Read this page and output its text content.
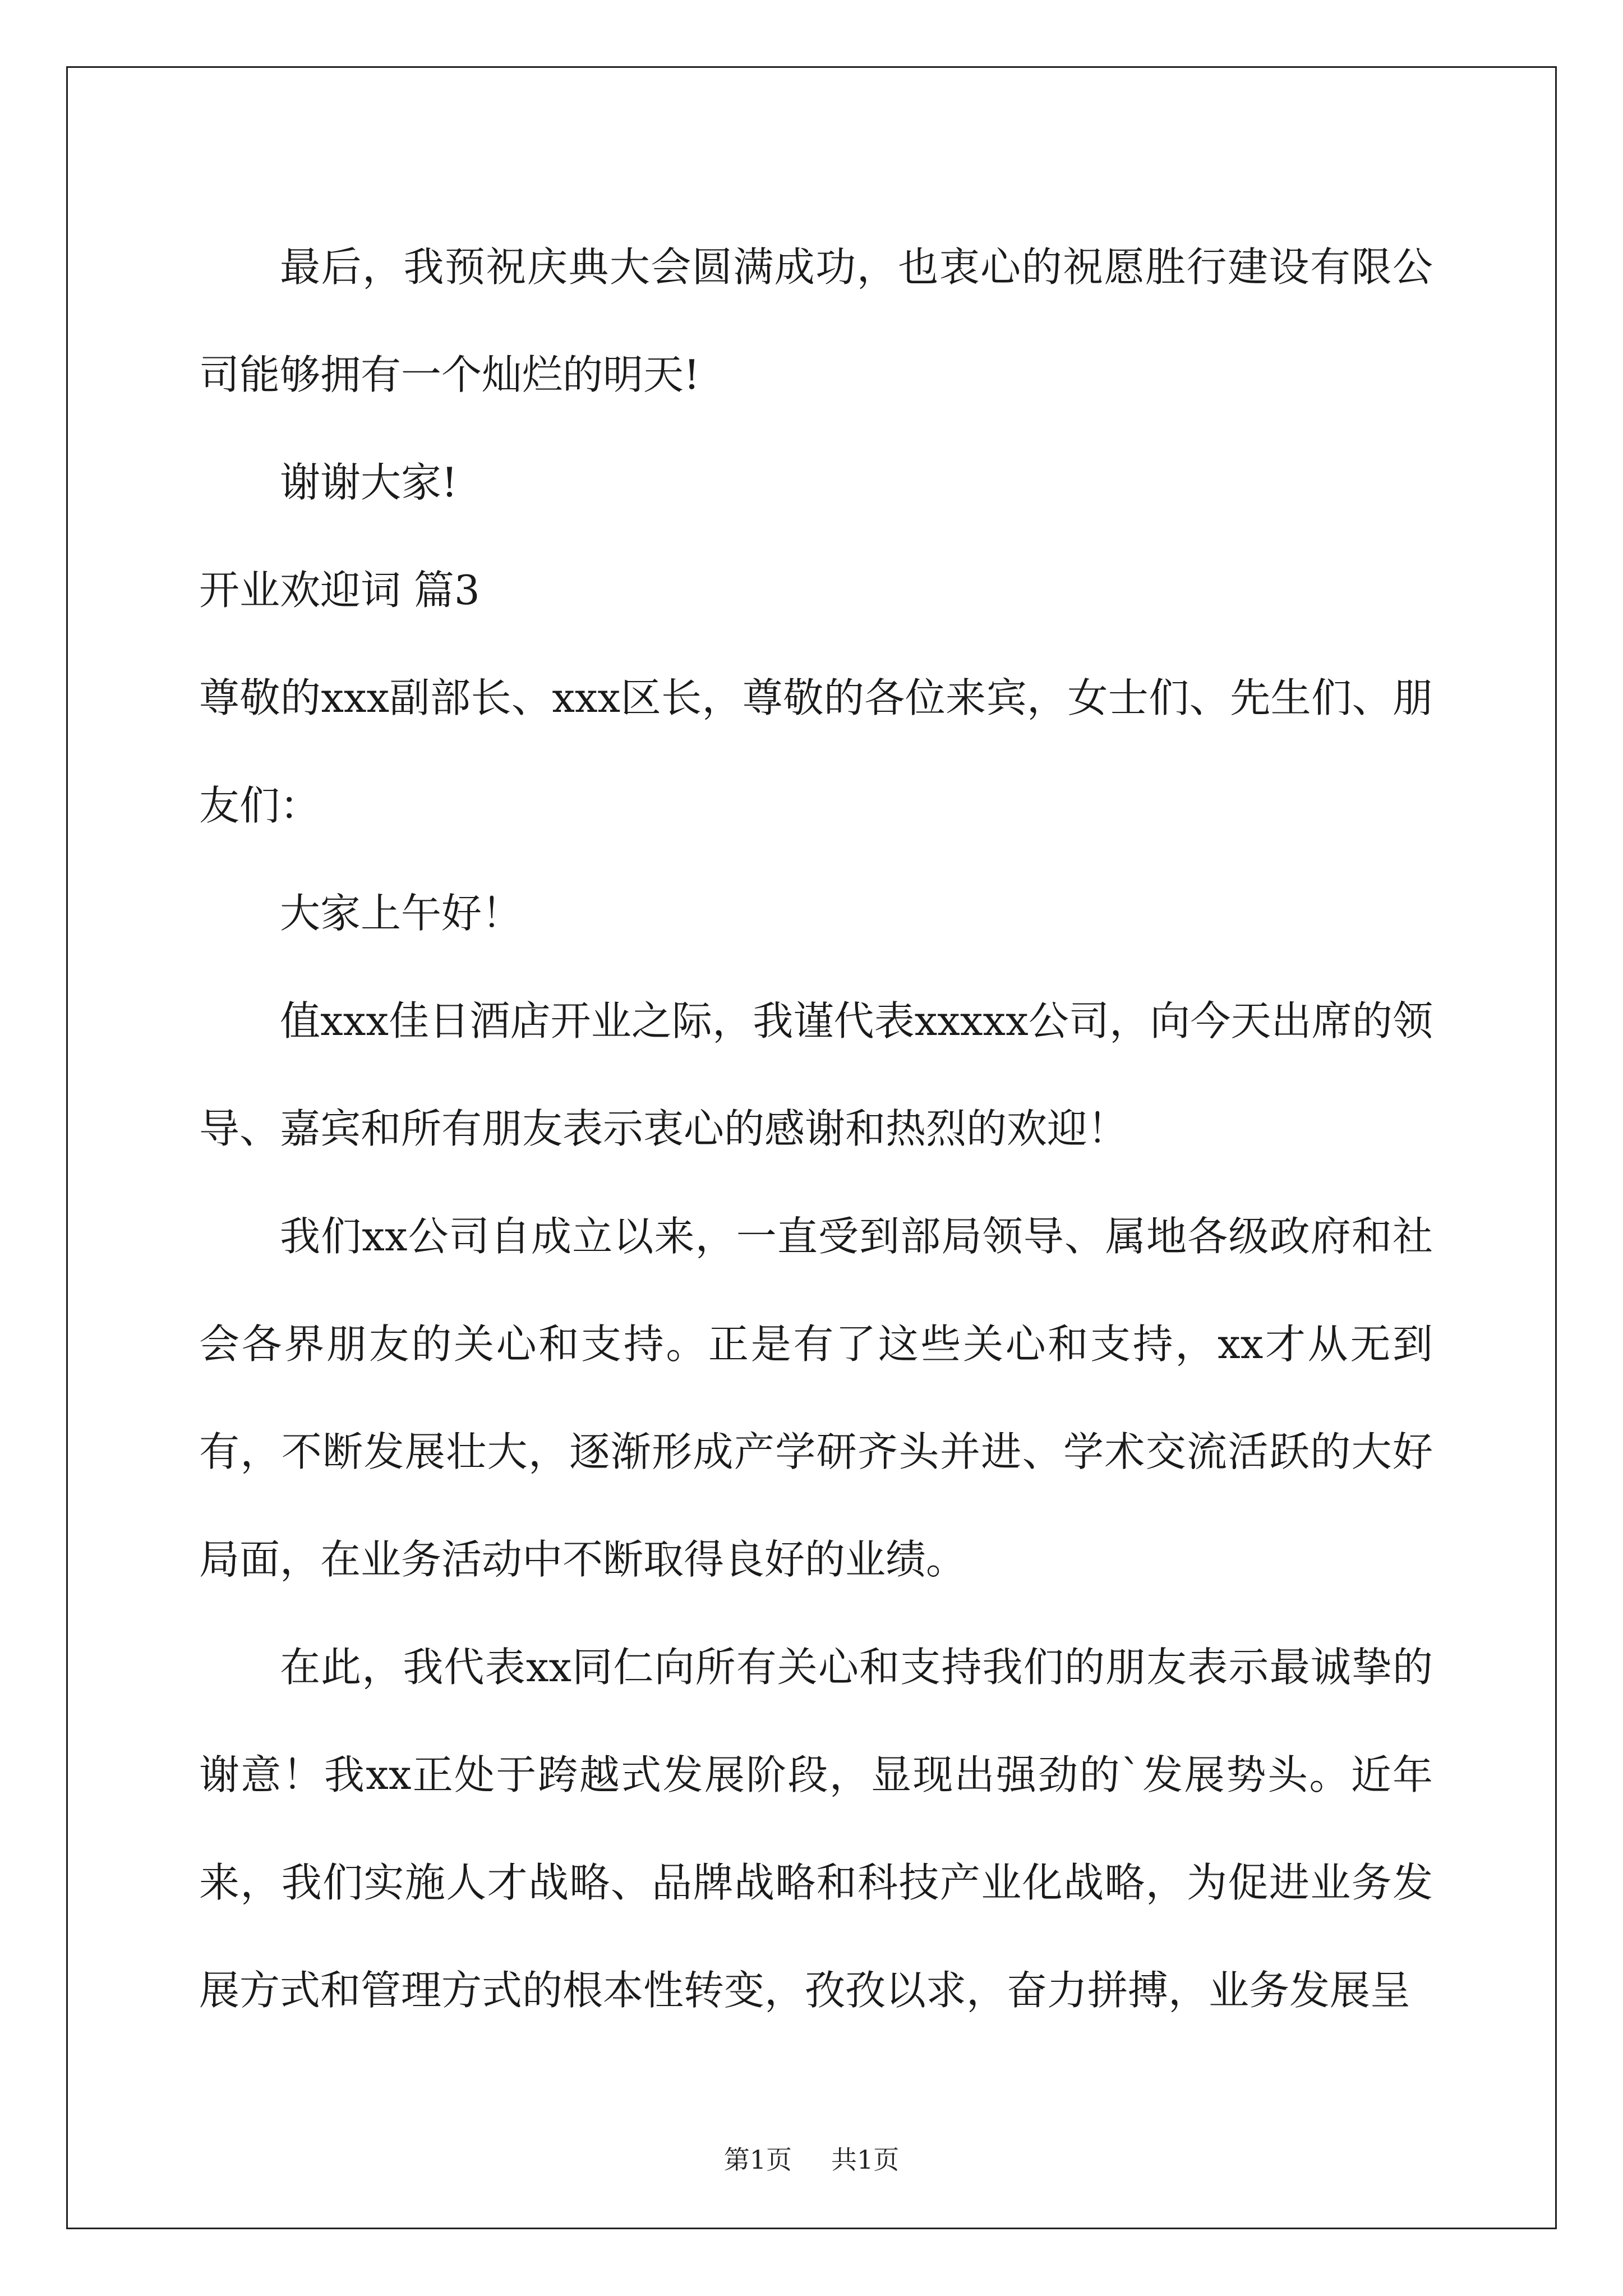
最后，我预祝庆典大会圆满成功，也衷心的祝愿胜行建设有限公司能够拥有一个灿烂的明天!

谢谢大家!

开业欢迎词 篇3

尊敬的xxx副部长、xxx区长，尊敬的各位来宾，女士们、先生们、朋友们：

大家上午好！

值xxx佳日酒店开业之际，我谨代表xxxxx公司，向今天出席的领导、嘉宾和所有朋友表示衷心的感谢和热烈的欢迎！

我们xx公司自成立以来，一直受到部局领导、属地各级政府和社会各界朋友的关心和支持。正是有了这些关心和支持，xx才从无到有，不断发展壮大，逐渐形成产学研齐头并进、学术交流活跃的大好局面，在业务活动中不断取得良好的业绩。

在此，我代表xx同仁向所有关心和支持我们的朋友表示最诚挚的谢意！我xx正处于跨越式发展阶段，显现出强劲的`发展势头。近年来，我们实施人才战略、品牌战略和科技产业化战略，为促进业务发展方式和管理方式的根本性转变，孜孜以求，奋力拼搏，业务发展呈

第1页 共1页
